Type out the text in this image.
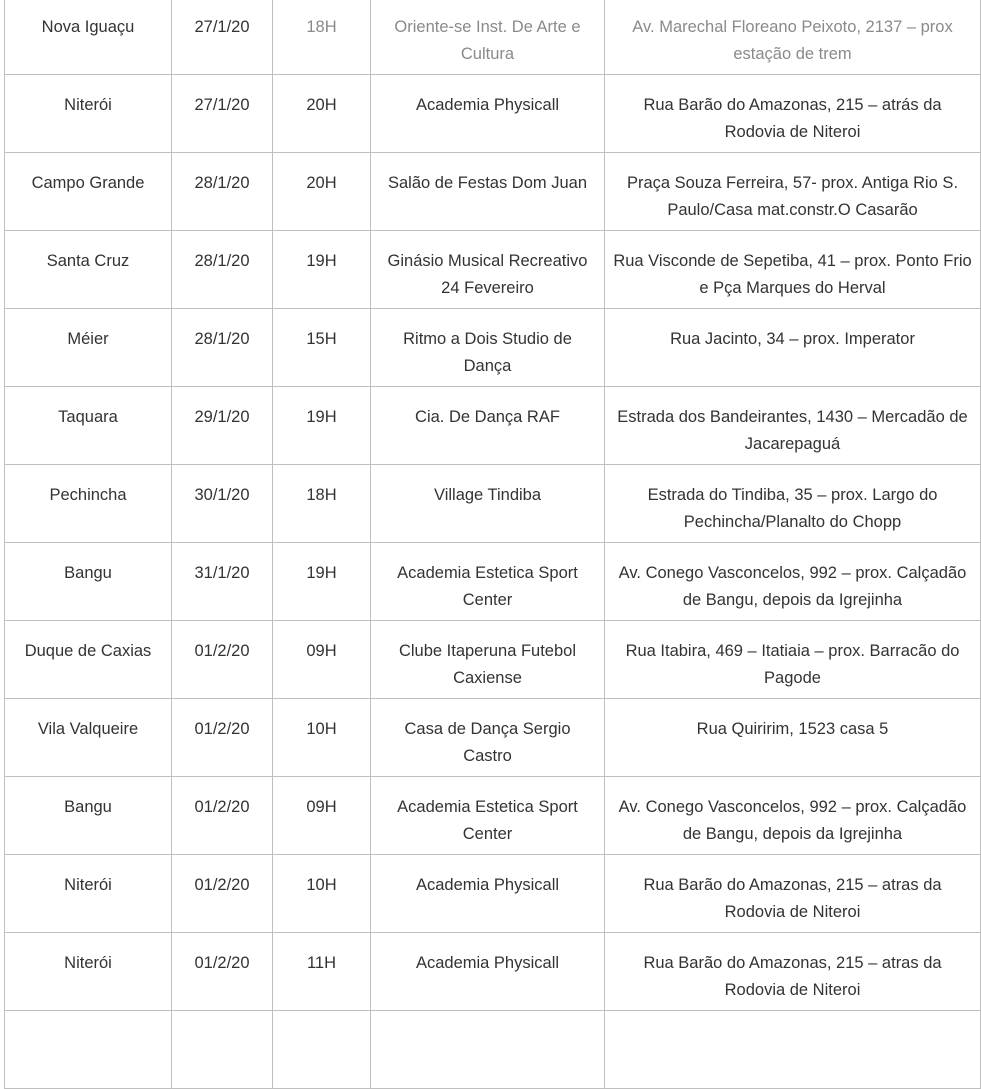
Nova Iguaçu	27/1/20	18H	Oriente-se Inst. De Arte e Cultura	Av. Marechal Floreano Peixoto, 2137 – prox estação de trem
Niterói	27/1/20	20H	Academia Physicall	Rua Barão do Amazonas, 215 – atrás da Rodovia de Niteroi
Campo Grande	28/1/20	20H	Salão de Festas Dom Juan	Praça Souza Ferreira, 57- prox. Antiga Rio S. Paulo/Casa mat.constr.O Casarão
Santa Cruz	28/1/20	19H	Ginásio Musical Recreativo 24 Fevereiro	Rua Visconde de Sepetiba, 41 – prox. Ponto Frio e Pça Marques do Herval
Méier	28/1/20	15H	Ritmo a Dois Studio de Dança	Rua Jacinto, 34 – prox. Imperator
Taquara	29/1/20	19H	Cia. De Dança RAF	Estrada dos Bandeirantes, 1430 – Mercadão de Jacarepaguá
Pechincha	30/1/20	18H	Village Tindiba	Estrada do Tindiba, 35 – prox. Largo do Pechincha/Planalto do Chopp
Bangu	31/1/20	19H	Academia Estetica Sport Center	Av. Conego Vasconcelos, 992 – prox. Calçadão de Bangu, depois da Igrejinha
Duque de Caxias	01/2/20	09H	Clube Itaperuna Futebol Caxiense	Rua Itabira, 469 – Itatiaia – prox. Barracão do Pagode
Vila Valqueire	01/2/20	10H	Casa de Dança Sergio Castro	Rua Quiririm, 1523 casa 5
Bangu	01/2/20	09H	Academia Estetica Sport Center	Av. Conego Vasconcelos, 992 – prox. Calçadão de Bangu, depois da Igrejinha
Niterói	01/2/20	10H	Academia Physicall	Rua Barão do Amazonas, 215 – atras da Rodovia de Niteroi
Niterói	01/2/20	11H	Academia Physicall	Rua Barão do Amazonas, 215 – atras da Rodovia de Niteroi
